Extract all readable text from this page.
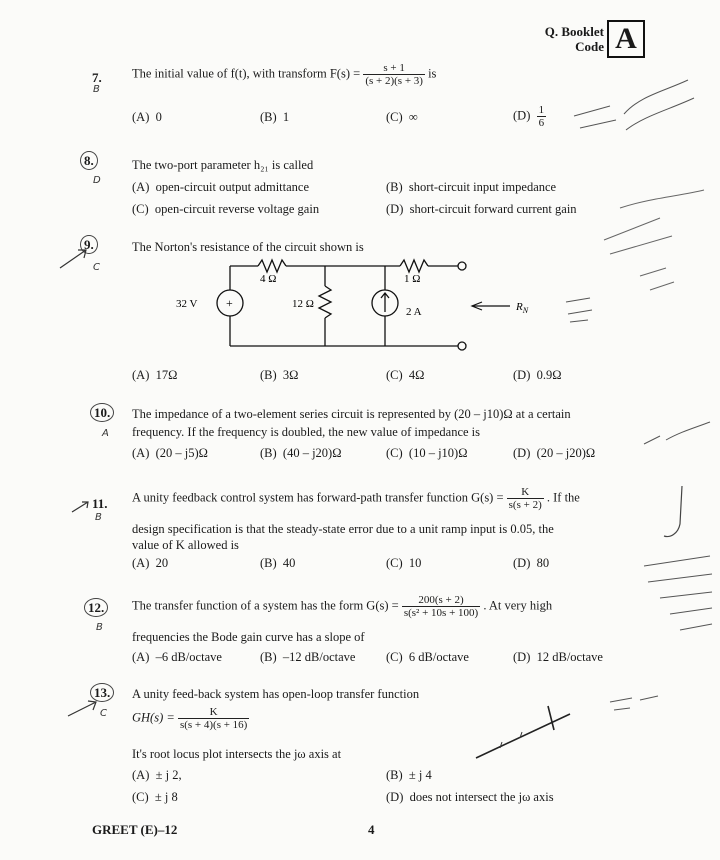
Q. Booklet
Code A
7.
B
The initial value of f(t), with transform $F(s) = \frac{s + 1}{(s + 2)(s + 3)}$ is
(A) 0	(B) 1	(C) ∞	$(D) \frac{1}{6}$
8.
D
The two-port parameter h₂₁ is called
(A) open-circuit output admittance	(B) short-circuit input impedance
(C) open-circuit reverse voltage gain	(D) short-circuit forward current gain
9.
C
The Norton's resistance of the circuit shown is
+
4 Ω	1 Ω
12 Ω
32 V
2 A	$R_N$
(A) 17Ω	(B) 3Ω	(C) 4Ω	(D) 0.9Ω
10.
A
The impedance of a two-element series circuit is represented by (20 – j10)Ω at a certain
frequency. If the frequency is doubled, the new value of impedance is
(A) (20 – j5)Ω	(B) (40 – j20)Ω	(C) (10 – j10)Ω	(D) (20 – j20)Ω
11.
B
A unity feedback control system has forward-path transfer function $G(s) = \frac{K}{s(s + 2)}$ . If the
design specification is that the steady-state error due to a unit ramp input is 0.05, the
value of K allowed is
(A) 20	(B) 40	(C) 10	(D) 80
12.
B
The transfer function of a system has the form $G(s) = \frac{200(s + 2)}{\text{s(s² + 10s + 100)}}$ . At very high
frequencies the Bode gain curve has a slope of
(A) –6 dB/octave	(B) –12 dB/octave (C) 6 dB/octave	(D) 12 dB/octave
13.
C
A unity feed-back system has open-loop transfer function
$GH(s) = \frac{K}{s(s + 4)(s + 16)}$
It's root locus plot intersects the jω axis at
(A) ± j 2,	(B) ± j 4
(C) ± j 8	(D) does not intersect the jω axis
GREET (E)–12	4
